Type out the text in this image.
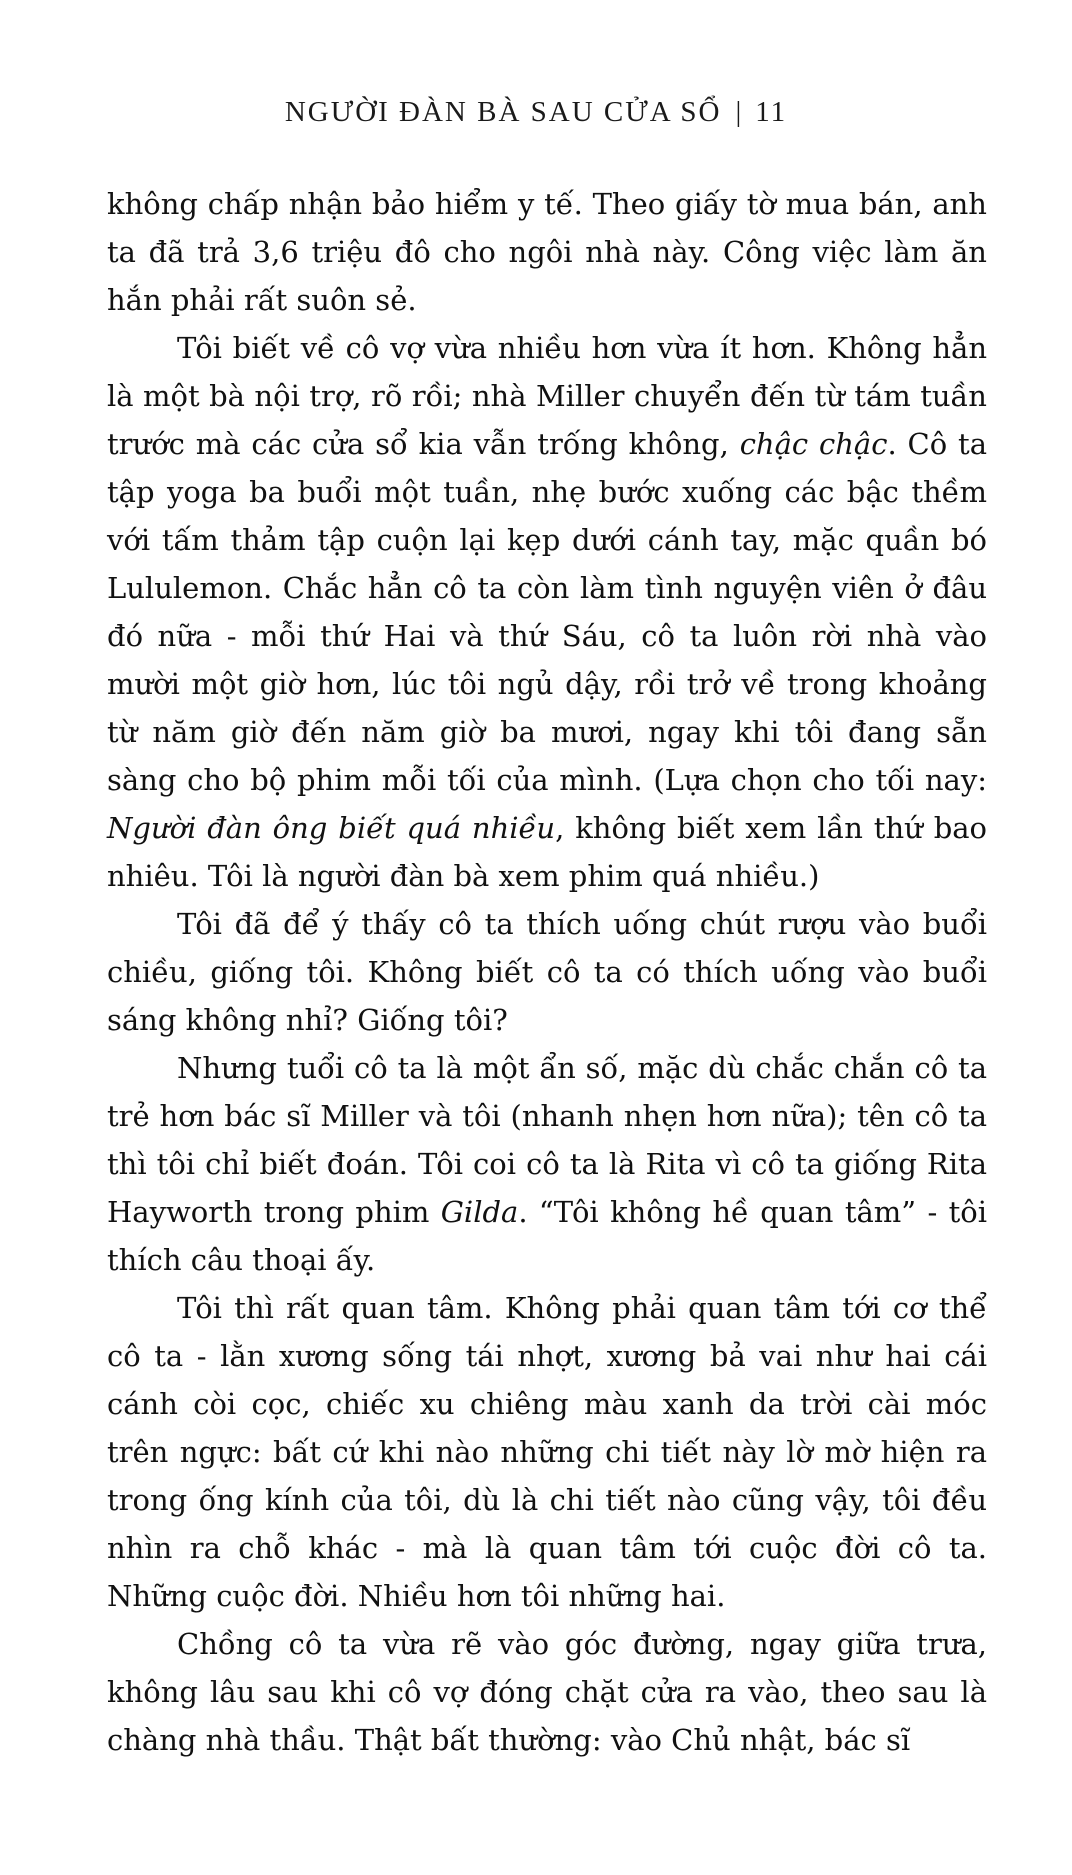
NGƯỜI ĐÀN BÀ SAU CỬA SỔ | 11

không chấp nhận bảo hiểm y tế. Theo giấy tờ mua bán, anh ta đã trả 3,6 triệu đô cho ngôi nhà này. Công việc làm ăn hắn phải rất suôn sẻ.

Tôi biết về cô vợ vừa nhiều hơn vừa ít hơn. Không hẳn là một bà nội trợ, rõ rồi; nhà Miller chuyển đến từ tám tuần trước mà các cửa sổ kia vẫn trống không, chậc chậc. Cô ta tập yoga ba buổi một tuần, nhẹ bước xuống các bậc thềm với tấm thảm tập cuộn lại kẹp dưới cánh tay, mặc quần bó Lululemon. Chắc hẳn cô ta còn làm tình nguyện viên ở đâu đó nữa - mỗi thứ Hai và thứ Sáu, cô ta luôn rời nhà vào mười một giờ hơn, lúc tôi ngủ dậy, rồi trở về trong khoảng từ năm giờ đến năm giờ ba mươi, ngay khi tôi đang sẵn sàng cho bộ phim mỗi tối của mình. (Lựa chọn cho tối nay: Người đàn ông biết quá nhiều, không biết xem lần thứ bao nhiêu. Tôi là người đàn bà xem phim quá nhiều.)

Tôi đã để ý thấy cô ta thích uống chút rượu vào buổi chiều, giống tôi. Không biết cô ta có thích uống vào buổi sáng không nhỉ? Giống tôi?

Nhưng tuổi cô ta là một ẩn số, mặc dù chắc chắn cô ta trẻ hơn bác sĩ Miller và tôi (nhanh nhẹn hơn nữa); tên cô ta thì tôi chỉ biết đoán. Tôi coi cô ta là Rita vì cô ta giống Rita Hayworth trong phim Gilda. “Tôi không hề quan tâm” - tôi thích câu thoại ấy.

Tôi thì rất quan tâm. Không phải quan tâm tới cơ thể cô ta - lằn xương sống tái nhợt, xương bả vai như hai cái cánh còi cọc, chiếc xu chiêng màu xanh da trời cài móc trên ngực: bất cứ khi nào những chi tiết này lờ mờ hiện ra trong ống kính của tôi, dù là chi tiết nào cũng vậy, tôi đều nhìn ra chỗ khác - mà là quan tâm tới cuộc đời cô ta. Những cuộc đời. Nhiều hơn tôi những hai.

Chồng cô ta vừa rẽ vào góc đường, ngay giữa trưa, không lâu sau khi cô vợ đóng chặt cửa ra vào, theo sau là chàng nhà thầu. Thật bất thường: vào Chủ nhật, bác sĩ
